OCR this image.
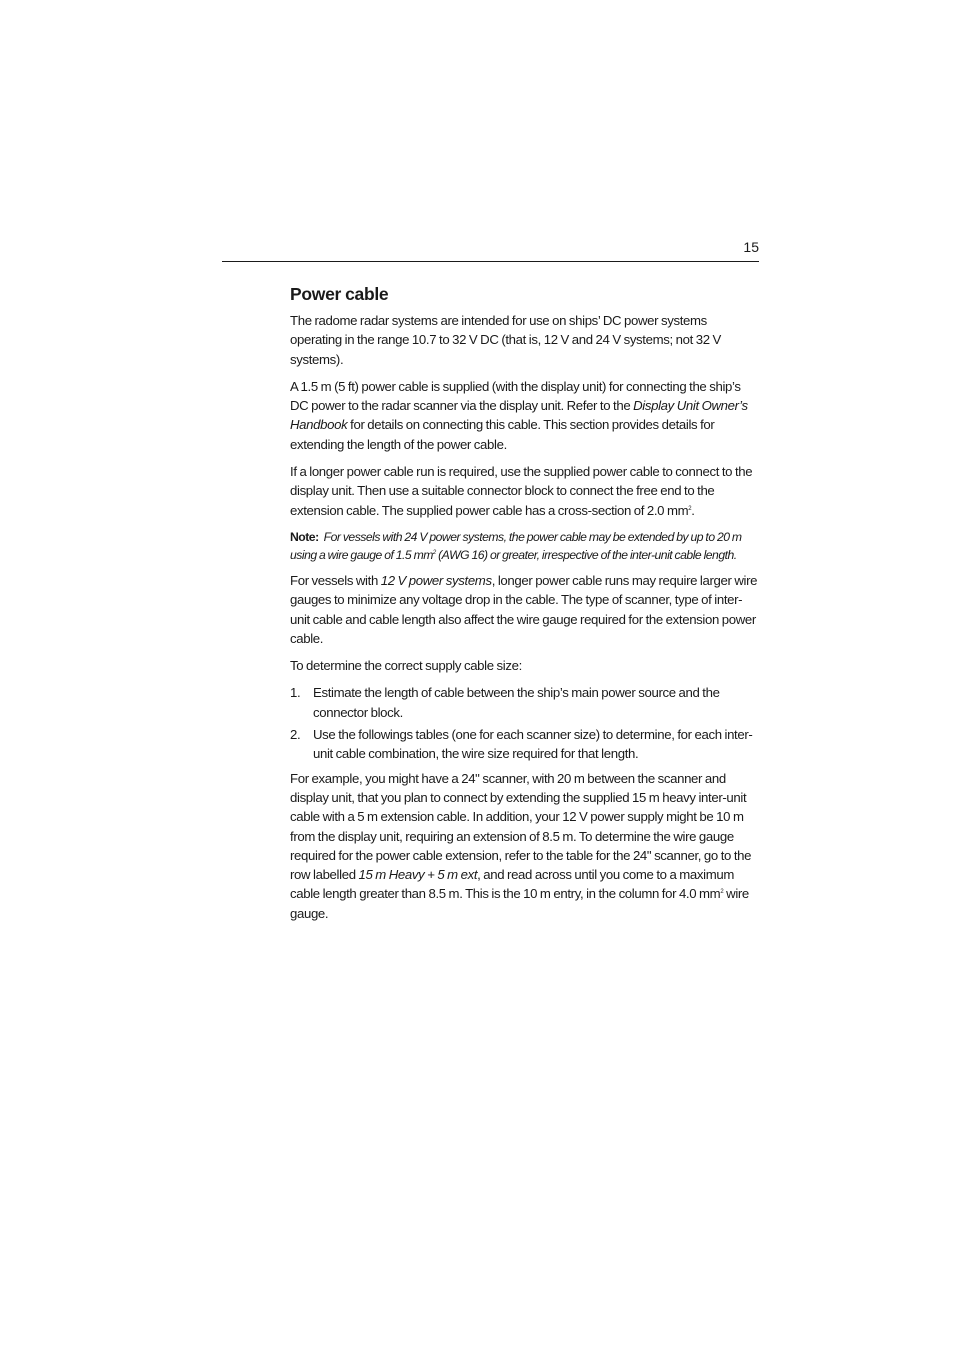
15
Power cable

The radome radar systems are intended for use on ships’ DC power systems operating in the range 10.7 to 32 V DC (that is, 12 V and 24 V systems; not 32 V systems).

A 1.5 m (5 ft) power cable is supplied (with the display unit) for connecting the ship’s DC power to the radar scanner via the display unit. Refer to the Display Unit Owner’s Handbook for details on connecting this cable. This section provides details for extending the length of the power cable.

If a longer power cable run is required, use the supplied power cable to connect to the display unit. Then use a suitable connector block to connect the free end to the extension cable. The supplied power cable has a cross-section of 2.0 $mm^2$.

Note: For vessels with 24 V power systems, the power cable may be extended by up to 20 m using a wire gauge of 1.5 mm$^2$ (AWG 16) or greater, irrespective of the inter-unit cable length.

For vessels with 12 V power systems, longer power cable runs may require larger wire gauges to minimize any voltage drop in the cable. The type of scanner, type of inter-unit cable and cable length also affect the wire gauge required for the extension power cable.

To determine the correct supply cable size:

1. Estimate the length of cable between the ship’s main power source and the connector block.
2. Use the followings tables (one for each scanner size) to determine, for each inter-unit cable combination, the wire size required for that length.

For example, you might have a 24" scanner, with 20 m between the scanner and display unit, that you plan to connect by extending the supplied 15 m heavy inter-unit cable with a 5 m extension cable. In addition, your 12 V power supply might be 10 m from the display unit, requiring an extension of 8.5 m. To determine the wire gauge required for the power cable extension, refer to the table for the 24" scanner, go to the row labelled 15 m Heavy + 5 m ext, and read across until you come to a maximum cable length greater than 8.5 m. This is the 10 m entry, in the column for 4.0 $mm^2$ wire gauge.
